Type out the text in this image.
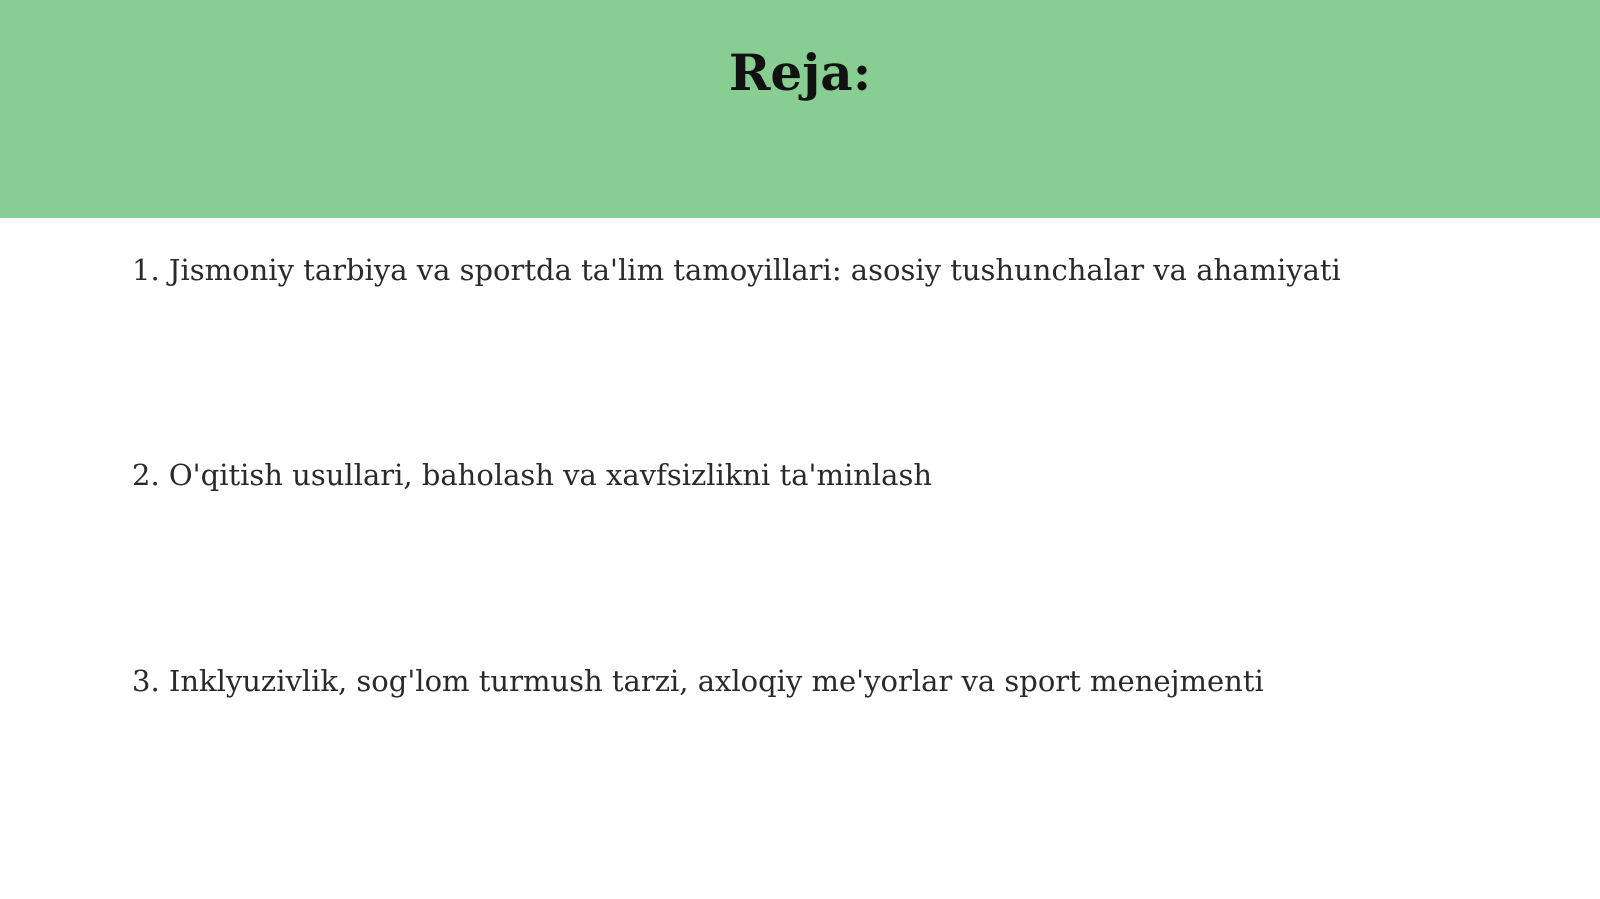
Reja:
1. Jismoniy tarbiya va sportda ta'lim tamoyillari: asosiy tushunchalar va ahamiyati
2. O'qitish usullari, baholash va xavfsizlikni ta'minlash
3. Inklyuzivlik, sog'lom turmush tarzi, axloqiy me'yorlar va sport menejmenti
